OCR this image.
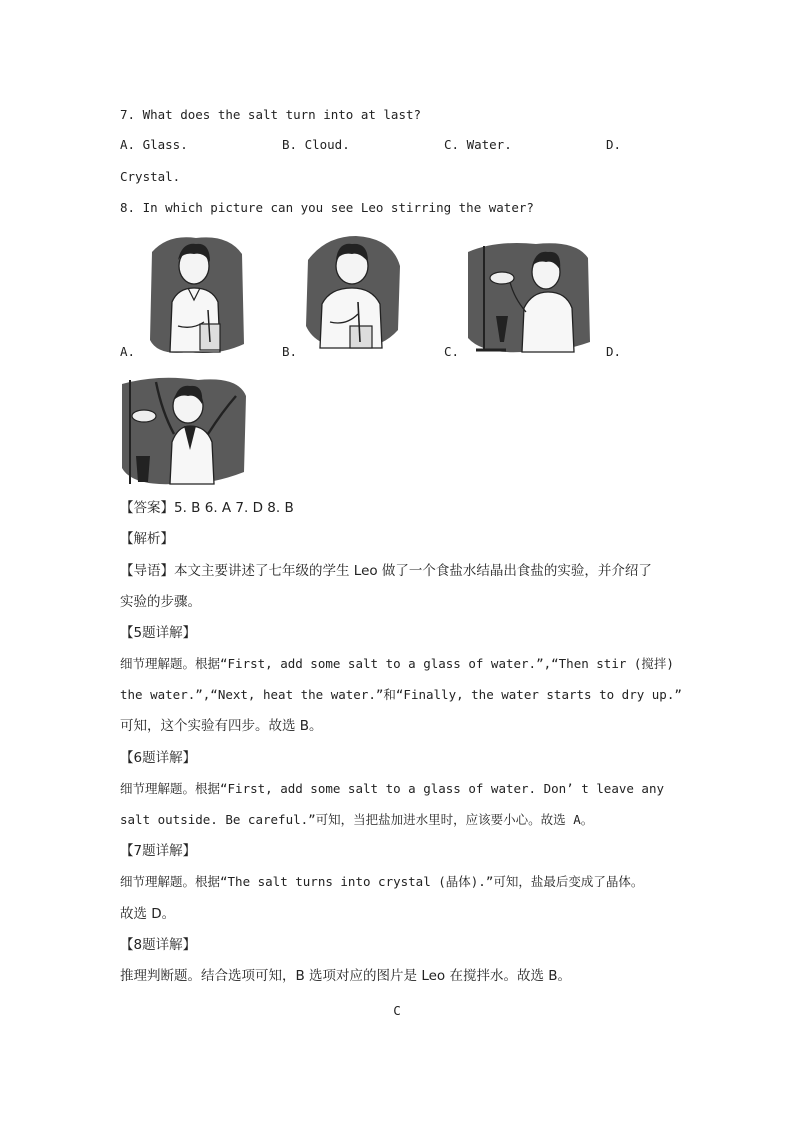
7. What does the salt turn into at last?
A. Glass.	B. Cloud.	C. Water.	D.
Crystal.
8. In which picture can you see Leo stirring the water?
A.	B.	C.	D.
【答案】5. B 6. A 7. D 8. B
【解析】
【导语】本文主要讲述了七年级的学生 Leo 做了一个食盐水结晶出食盐的实验，并介绍了
实验的步骤。
【5题详解】
细节理解题。根据“First, add some salt to a glass of water.”,“Then stir (搅拌)
the water.”,“Next, heat the water.”和“Finally, the water starts to dry up.”
可知，这个实验有四步。故选 B。
【6题详解】
细节理解题。根据“First, add some salt to a glass of water. Don’ t leave any
salt outside. Be careful.”可知，当把盐加进水里时，应该要小心。故选 A。
【7题详解】
细节理解题。根据“The salt turns into crystal (晶体).”可知，盐最后变成了晶体。
故选 D。
【8题详解】
推理判断题。结合选项可知，B 选项对应的图片是 Leo 在搅拌水。故选 B。
C
